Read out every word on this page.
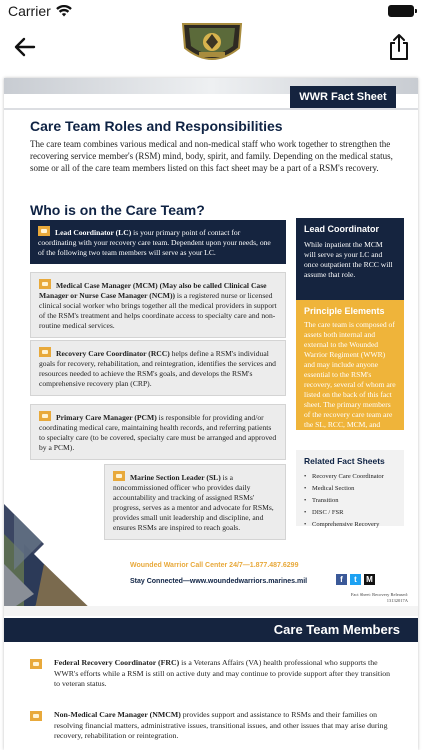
Carrier
WWR Fact Sheet
Care Team Roles and Responsibilities
The care team combines various medical and non-medical staff who work together to strengthen the recovering service member's (RSM) mind, body, spirit, and family. Depending on the medical status, some or all of the care team members listed on this fact sheet may be a part of a RSM's recovery.
Who is on the Care Team?
Lead Coordinator (LC) is your primary point of contact for coordinating with your recovery care team. Dependent upon your needs, one of the following two team members will serve as your LC.
Medical Case Manager (MCM) (May also be called Clinical Case Manager or Nurse Case Manager (NCM)) is a registered nurse or licensed clinical social worker who brings together all the medical providers in support of the RSM's treatment and helps coordinate access to specialty care and non-routine medical services.
Recovery Care Coordinator (RCC) helps define a RSM's individual goals for recovery, rehabilitation, and reintegration, identifies the services and resources needed to achieve the RSM's goals, and develops the RSM's comprehensive recovery plan (CRP).
Primary Care Manager (PCM) is responsible for providing and/or coordinating medical care, maintaining health records, and referring patients to specialty care (to be covered, specialty care must be arranged and approved by a PCM).
Marine Section Leader (SL) is a noncommissioned officer who provides daily accountability and tracking of assigned RSMs' progress, serves as a mentor and advocate for RSMs, provides small unit leadership and discipline, and ensures RSMs are inspired to reach goals.
Lead Coordinator
While inpatient the MCM will serve as your LC and once outpatient the RCC will assume that role.
Principle Elements
The care team is composed of assets both internal and external to the Wounded Warrior Regiment (WWR) and may include anyone essential to the RSM's recovery, several of whom are listed on the back of this fact sheet. The primary members of the recovery care team are the SL, RCC, MCM, and PCM.
Related Fact Sheets
• Recovery Care Coordinator
• Medical Section
• Transition
• DISC / FSR
• Comprehensive Recovery
Wounded Warrior Call Center 24/7—1.877.487.6299
Stay Connected—www.woundedwarriors.marines.mil	f	t	M
Fact Sheet: Recovery Released: 13132017A
Care Team Members
Federal Recovery Coordinator (FRC) is a Veterans Affairs (VA) health professional who supports the WWR's efforts while a RSM is still on active duty and may continue to provide support after they transition to veteran status.
Non-Medical Care Manager (NMCM) provides support and assistance to RSMs and their families on resolving financial matters, administrative issues, transitional issues, and other issues that may arise during recovery, rehabilitation or reintegration.
